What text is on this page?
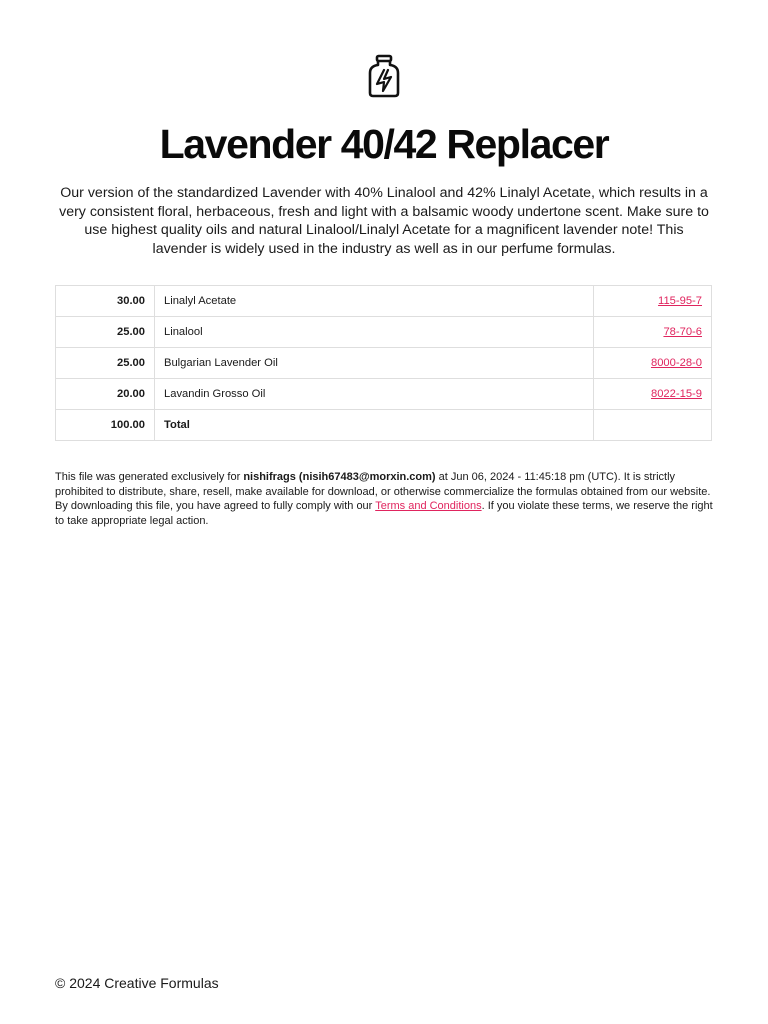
Lavender 40/42 Replacer

Our version of the standardized Lavender with 40% Linalool and 42% Linalyl Acetate, which results in a very consistent floral, herbaceous, fresh and light with a balsamic woody undertone scent. Make sure to use highest quality oils and natural Linalool/Linalyl Acetate for a magnificent lavender note! This lavender is widely used in the industry as well as in our perfume formulas.

30.00	Linalyl Acetate	115-95-7
25.00	Linalool	78-70-6
25.00	Bulgarian Lavender Oil	8000-28-0
20.00	Lavandin Grosso Oil	8022-15-9
100.00	Total	

This file was generated exclusively for nishifrags (nisih67483@morxin.com) at Jun 06, 2024 - 11:45:18 pm (UTC). It is strictly prohibited to distribute, share, resell, make available for download, or otherwise commercialize the formulas obtained from our website. By downloading this file, you have agreed to fully comply with our Terms and Conditions. If you violate these terms, we reserve the right to take appropriate legal action.

© 2024 Creative Formulas
